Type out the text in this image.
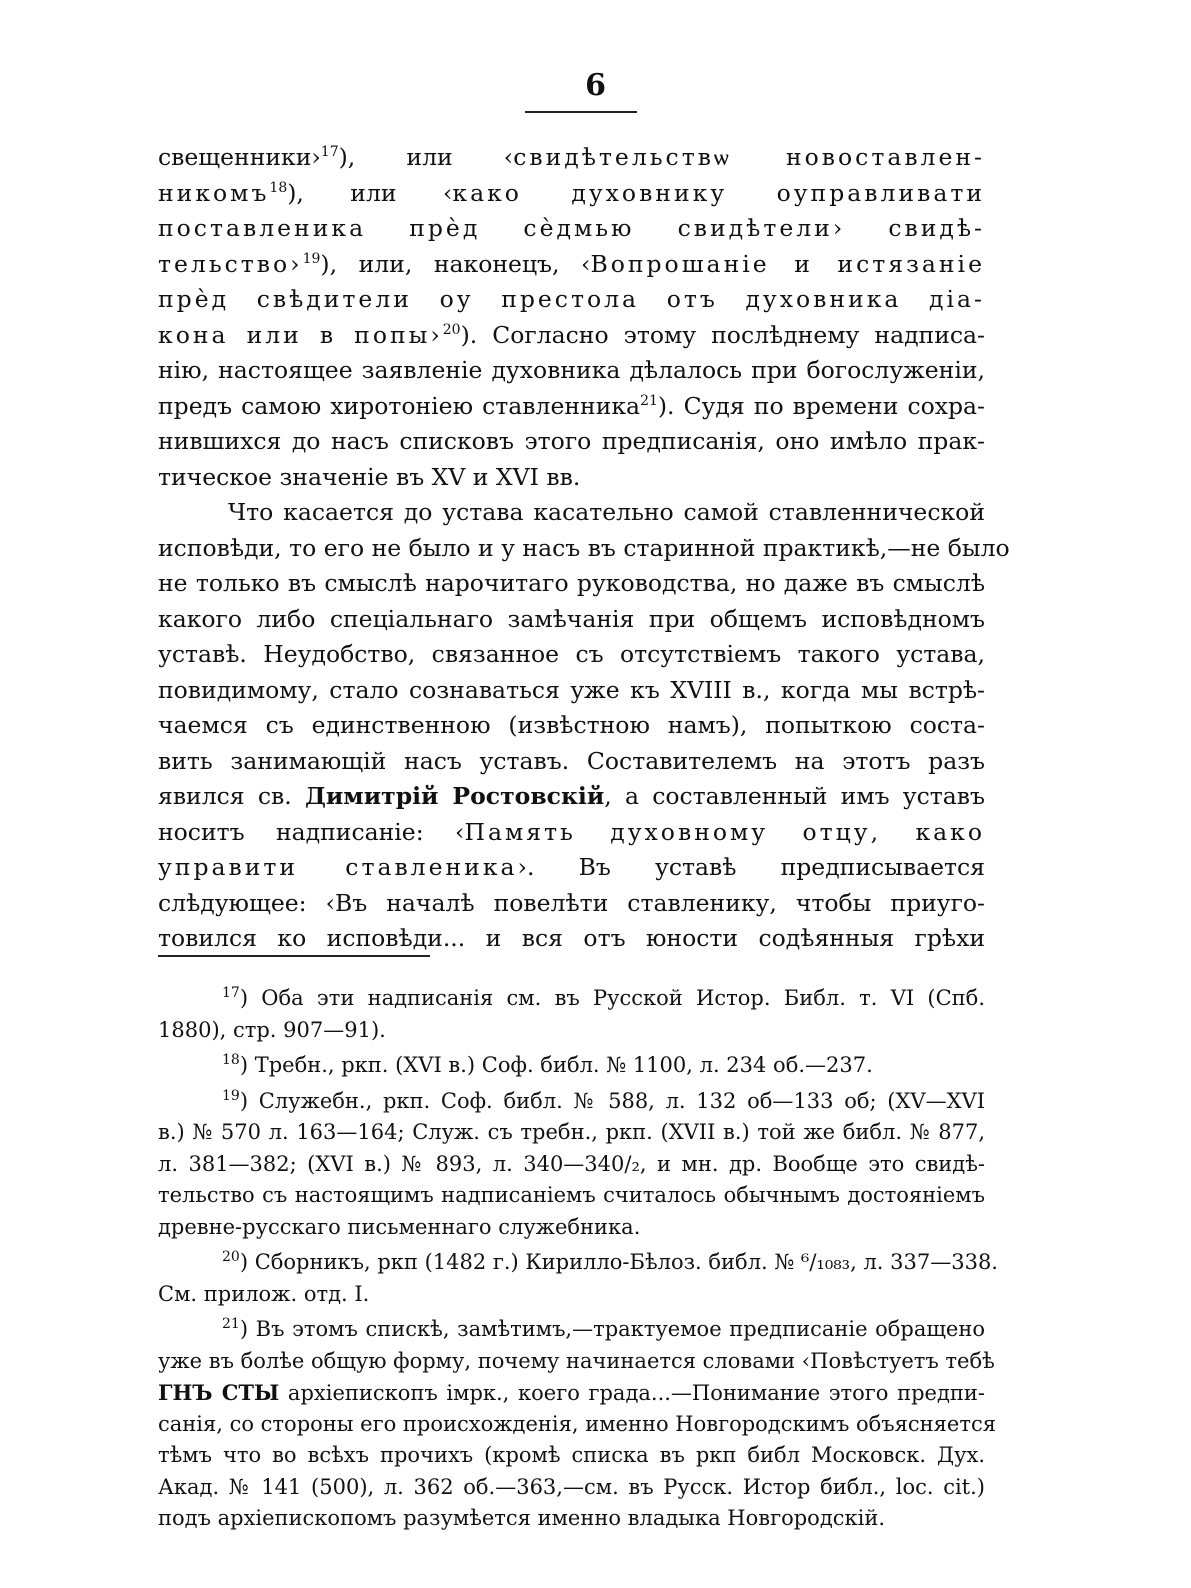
6
свещенники›$^{17}$), или ‹свидѣтельствѡ новоставлен-
никомъ$^{18}$), или ‹како духовнику оуправливати
поставленика прѐд сѐдмью свидѣтели› свидѣ-
тельство›$^{19}$), или, наконецъ, ‹Вопрошаніе и истязаніе
прѐд свѣдители оу престола отъ духовника діа-
кона или в попы›$^{20}$). Согласно этому послѣднему надписа-
нію, настоящее заявленіе духовника дѣлалось при богослуженіи,
предъ самою хиротоніею ставленника$^{21}$). Судя по времени сохра-
нившихся до насъ списковъ этого предписанія, оно имѣло прак-
тическое значеніе въ XV и XVI вв.
Что касается до устава касательно самой ставленнической
исповѣди, то его не было и у насъ въ старинной практикѣ,—не было
не только въ смыслѣ нарочитаго руководства, но даже въ смыслѣ
какого либо спеціальнаго замѣчанія при общемъ исповѣдномъ
уставѣ. Неудобство, связанное съ отсутствіемъ такого устава,
повидимому, стало сознаваться уже къ XVIII в., когда мы встрѣ-
чаемся съ единственною (извѣстною намъ), попыткою соста-
вить занимающій насъ уставъ. Составителемъ на этотъ разъ
явился св. Димитрій Ростовскій, а составленный имъ уставъ
носитъ надписаніе: ‹Память духовному отцу, како
управити ставленика›. Въ уставѣ предписывается
слѣдующее: ‹Въ началѣ повелѣти ставленику, чтобы приуго-
товился ко исповѣди... и вся отъ юности содѣянныя грѣхи
$^{17}$) Оба эти надписанія см. въ Русской Истор. Библ. т. VI (Спб.
1880), стр. 907—91).
$^{18}$) Требн., ркп. (XVI в.) Соф. библ. № 1100, л. 234 об.—237.
$^{19}$) Служебн., ркп. Соф. библ. № 588, л. 132 об—133 об; (XV—XVI
в.) № 570 л. 163—164; Служ. съ требн., ркп. (XVII в.) той же библ. № 877,
л. 381—382; (XVI в.) № 893, л. 340—340/₂, и мн. др. Вообще это свидѣ-
тельство съ настоящимъ надписаніемъ считалось обычнымъ достояніемъ
древне-русскаго письменнаго служебника.
$^{20}$) Сборникъ, ркп (1482 г.) Кирилло-Бѣлоз. библ. № ⁶/₁₀₈₃, л. 337—338.
См. прилож. отд. I.
$^{21}$) Въ этомъ спискѣ, замѣтимъ,—трактуемое предписаніе обращено
уже въ болѣе общую форму, почему начинается словами ‹Повѣстуетъ тебѣ
ГНЪ СТЫ архіепископъ імрк., коего града...—Понимание этого предпи-
санія, со стороны его происхожденія, именно Новгородскимъ объясняется
тѣмъ что во всѣхъ прочихъ (кромѣ списка въ ркп библ Московск. Дух.
Акад. № 141 (500), л. 362 об.—363,—см. въ Русск. Истор библ., loc. cit.)
подъ архіепископомъ разумѣется именно владыка Новгородскій.
